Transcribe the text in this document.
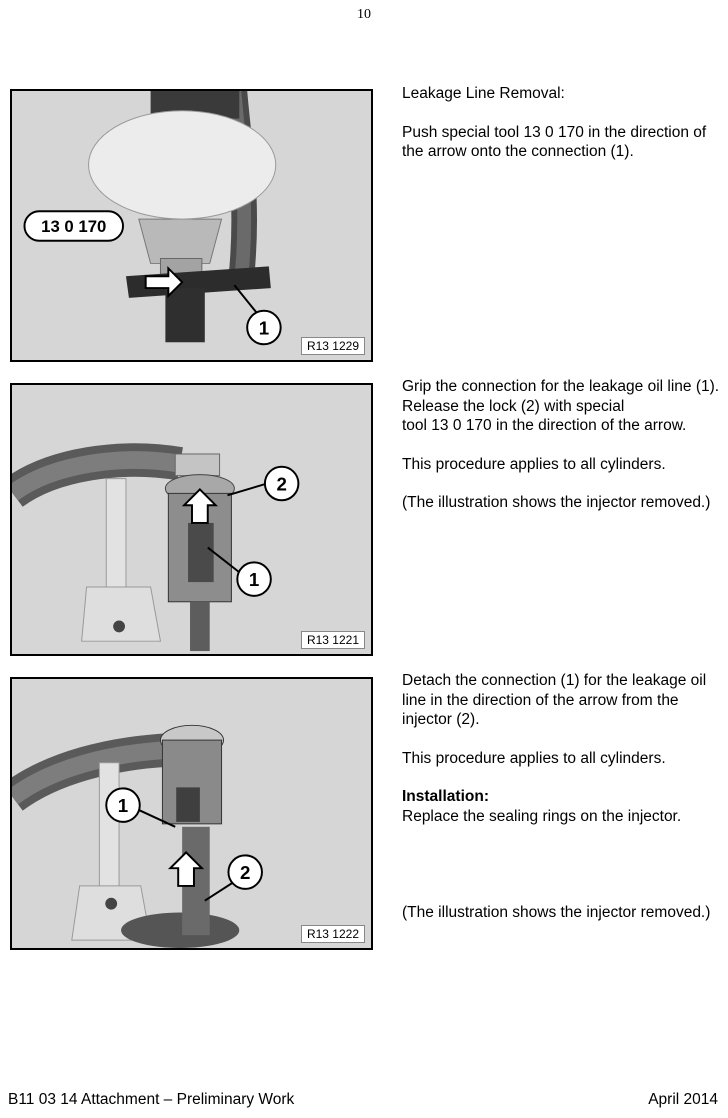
10
13 0 170
1
R13 1229

Leakage Line Removal:

Push special tool 13 0 170 in the direction of the arrow onto the connection (1).

2
1
R13 1221

Grip the connection for the leakage oil line (1).

Release the lock (2) with special

tool 13 0 170 in the direction of the arrow.

This procedure applies to all cylinders.

(The illustration shows the injector removed.)

1
2
R13 1222

Detach the connection (1) for the leakage oil line in the direction of the arrow from the injector (2).

This procedure applies to all cylinders.

Installation:

Replace the sealing rings on the injector.

(The illustration shows the injector removed.)

B11 03 14 Attachment – Preliminary Work	April 2014
